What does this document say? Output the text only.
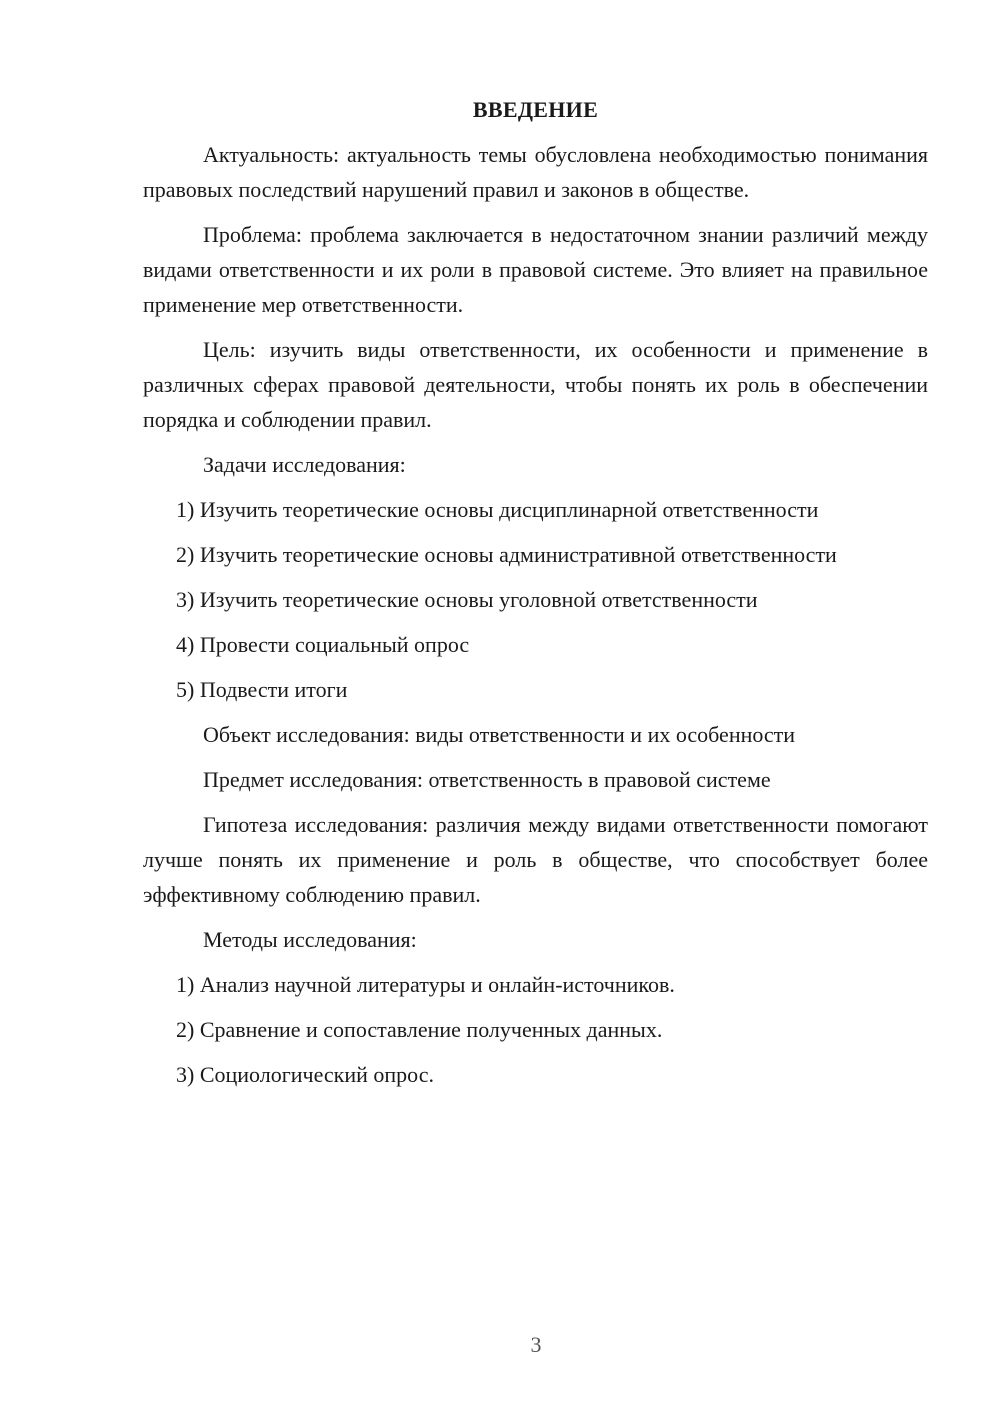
ВВЕДЕНИЕ

Актуальность: актуальность темы обусловлена необходимостью понимания правовых последствий нарушений правил и законов в обществе.

Проблема: проблема заключается в недостаточном знании различий между видами ответственности и их роли в правовой системе. Это влияет на правильное применение мер ответственности.

Цель: изучить виды ответственности, их особенности и применение в различных сферах правовой деятельности, чтобы понять их роль в обеспечении порядка и соблюдении правил.

Задачи исследования:

1) Изучить теоретические основы дисциплинарной ответственности

2) Изучить теоретические основы административной ответственности

3) Изучить теоретические основы уголовной ответственности

4) Провести социальный опрос

5) Подвести итоги

Объект исследования: виды ответственности и их особенности

Предмет исследования: ответственность в правовой системе

Гипотеза исследования: различия между видами ответственности помогают лучше понять их применение и роль в обществе, что способствует более эффективному соблюдению правил.

Методы исследования:

1) Анализ научной литературы и онлайн-источников.

2) Сравнение и сопоставление полученных данных.

3) Социологический опрос.

3
